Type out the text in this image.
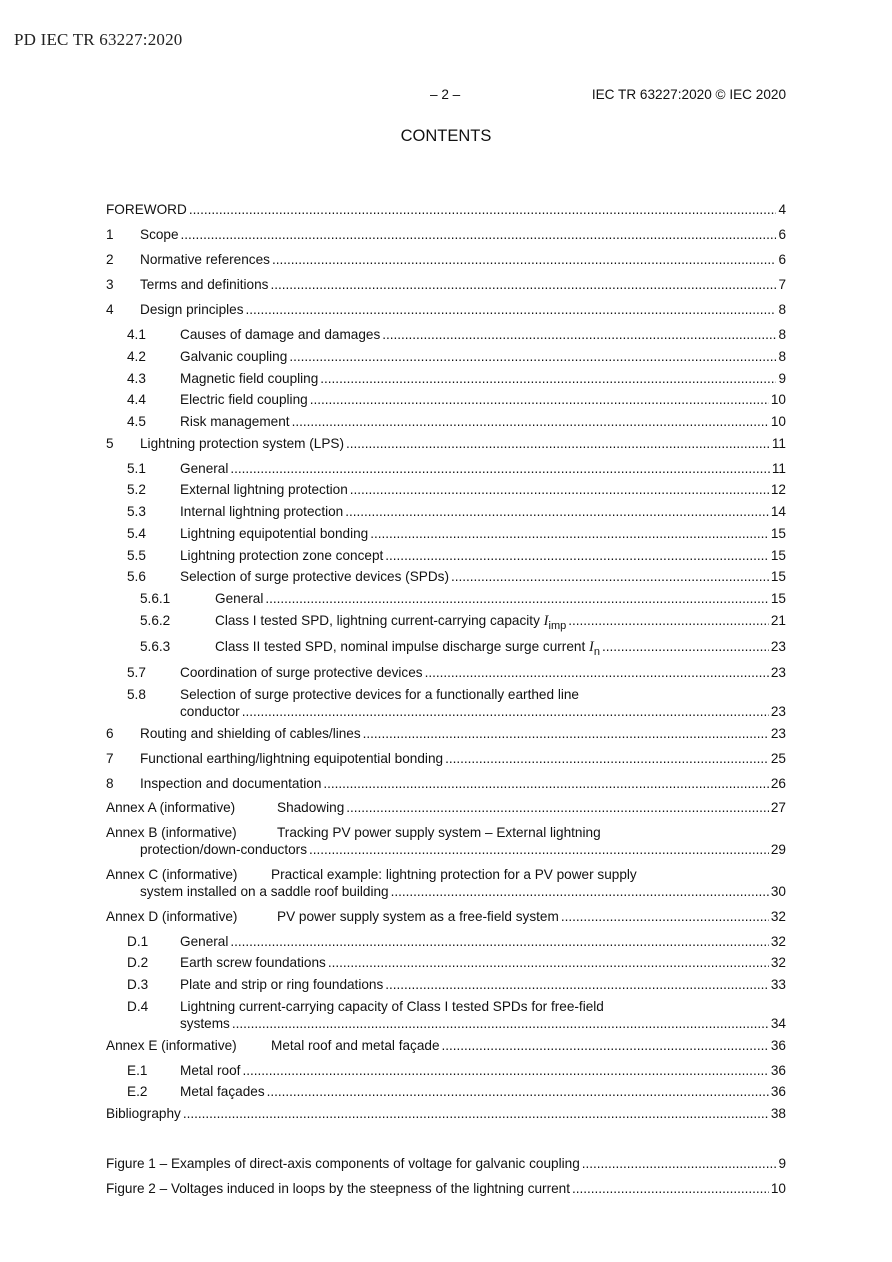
PD IEC TR 63227:2020
– 2 –	IEC TR 63227:2020 © IEC 2020
CONTENTS
FOREWORD . . .	4
1	Scope . . .	6
2	Normative references . . .	6
3	Terms and definitions . . .	7
4	Design principles . . .	8
4.1	Causes of damage and damages . . .	8
4.2	Galvanic coupling . . .	8
4.3	Magnetic field coupling . . .	9
4.4	Electric field coupling . . .	10
4.5	Risk management . . .	10
5	Lightning protection system (LPS) . . .	11
5.1	General . . .	11
5.2	External lightning protection . . .	12
5.3	Internal lightning protection . . .	14
5.4	Lightning equipotential bonding . . .	15
5.5	Lightning protection zone concept . . .	15
5.6	Selection of surge protective devices (SPDs) . . .	15
5.6.1	General . . .	15
5.6.2	Class I tested SPD, lightning current-carrying capacity $I_{imp}$ . . .	21
5.6.3	Class II tested SPD, nominal impulse discharge surge current $I_n$ . . .	23
5.7	Coordination of surge protective devices . . .	23
5.8	Selection of surge protective devices for a functionally earthed line
conductor . . .	23
6	Routing and shielding of cables/lines . . .	23
7	Functional earthing/lightning equipotential bonding . . .	25
8	Inspection and documentation . . .	26
Annex A (informative)	Shadowing . . .	27
Annex B (informative)	Tracking PV power supply system – External lightning
protection/down-conductors . . .	29
Annex C (informative)	Practical example: lightning protection for a PV power supply
system installed on a saddle roof building . . .	30
Annex D (informative)	PV power supply system as a free-field system . . .	32
D.1	General . . .	32
D.2	Earth screw foundations . . .	32
D.3	Plate and strip or ring foundations . . .	33
D.4	Lightning current-carrying capacity of Class I tested SPDs for free-field
systems . . .	34
Annex E (informative)	Metal roof and metal façade . . .	36
E.1	Metal roof . . .	36
E.2	Metal façades . . .	36
Bibliography . . .	38
Figure 1 – Examples of direct-axis components of voltage for galvanic coupling . . .	9
Figure 2 – Voltages induced in loops by the steepness of the lightning current . . .	10
